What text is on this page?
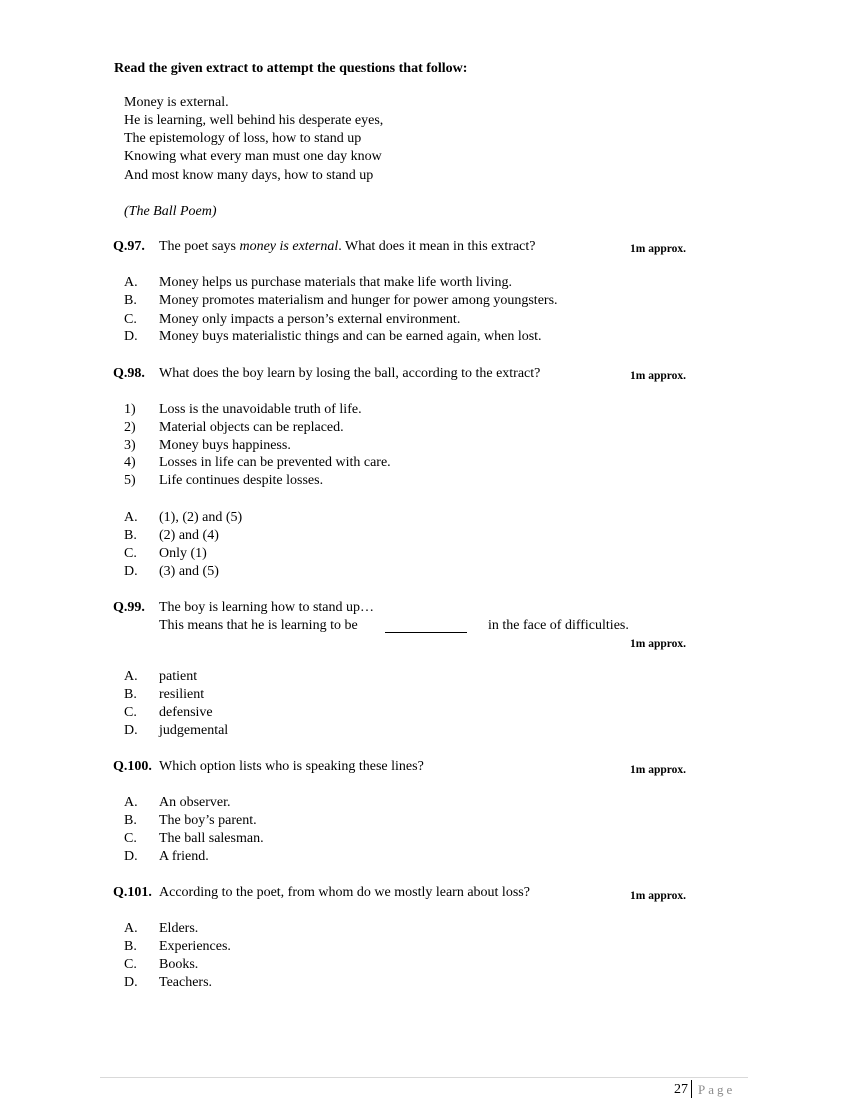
Read the given extract to attempt the questions that follow:
Money is external.
He is learning, well behind his desperate eyes,
The epistemology of loss, how to stand up
Knowing what every man must one day know
And most know many days, how to stand up
(The Ball Poem)
Q.97. The poet says money is external. What does it mean in this extract?	1m approx.
A. Money helps us purchase materials that make life worth living.
B. Money promotes materialism and hunger for power among youngsters.
C. Money only impacts a person’s external environment.
D. Money buys materialistic things and can be earned again, when lost.
Q.98. What does the boy learn by losing the ball, according to the extract?	1m approx.
1) Loss is the unavoidable truth of life.
2) Material objects can be replaced.
3) Money buys happiness.
4) Losses in life can be prevented with care.
5) Life continues despite losses.
A. (1), (2) and (5)
B. (2) and (4)
C. Only (1)
D. (3) and (5)
Q.99. The boy is learning how to stand up…
This means that he is learning to be	in the face of difficulties.
1m approx.
A. patient
B. resilient
C. defensive
D. judgemental
Q.100. Which option lists who is speaking these lines?	1m approx.
A. An observer.
B. The boy’s parent.
C. The ball salesman.
D. A friend.
Q.101. According to the poet, from whom do we mostly learn about loss?	1m approx.
A. Elders.
B. Experiences.
C. Books.
D. Teachers.
27 Page
